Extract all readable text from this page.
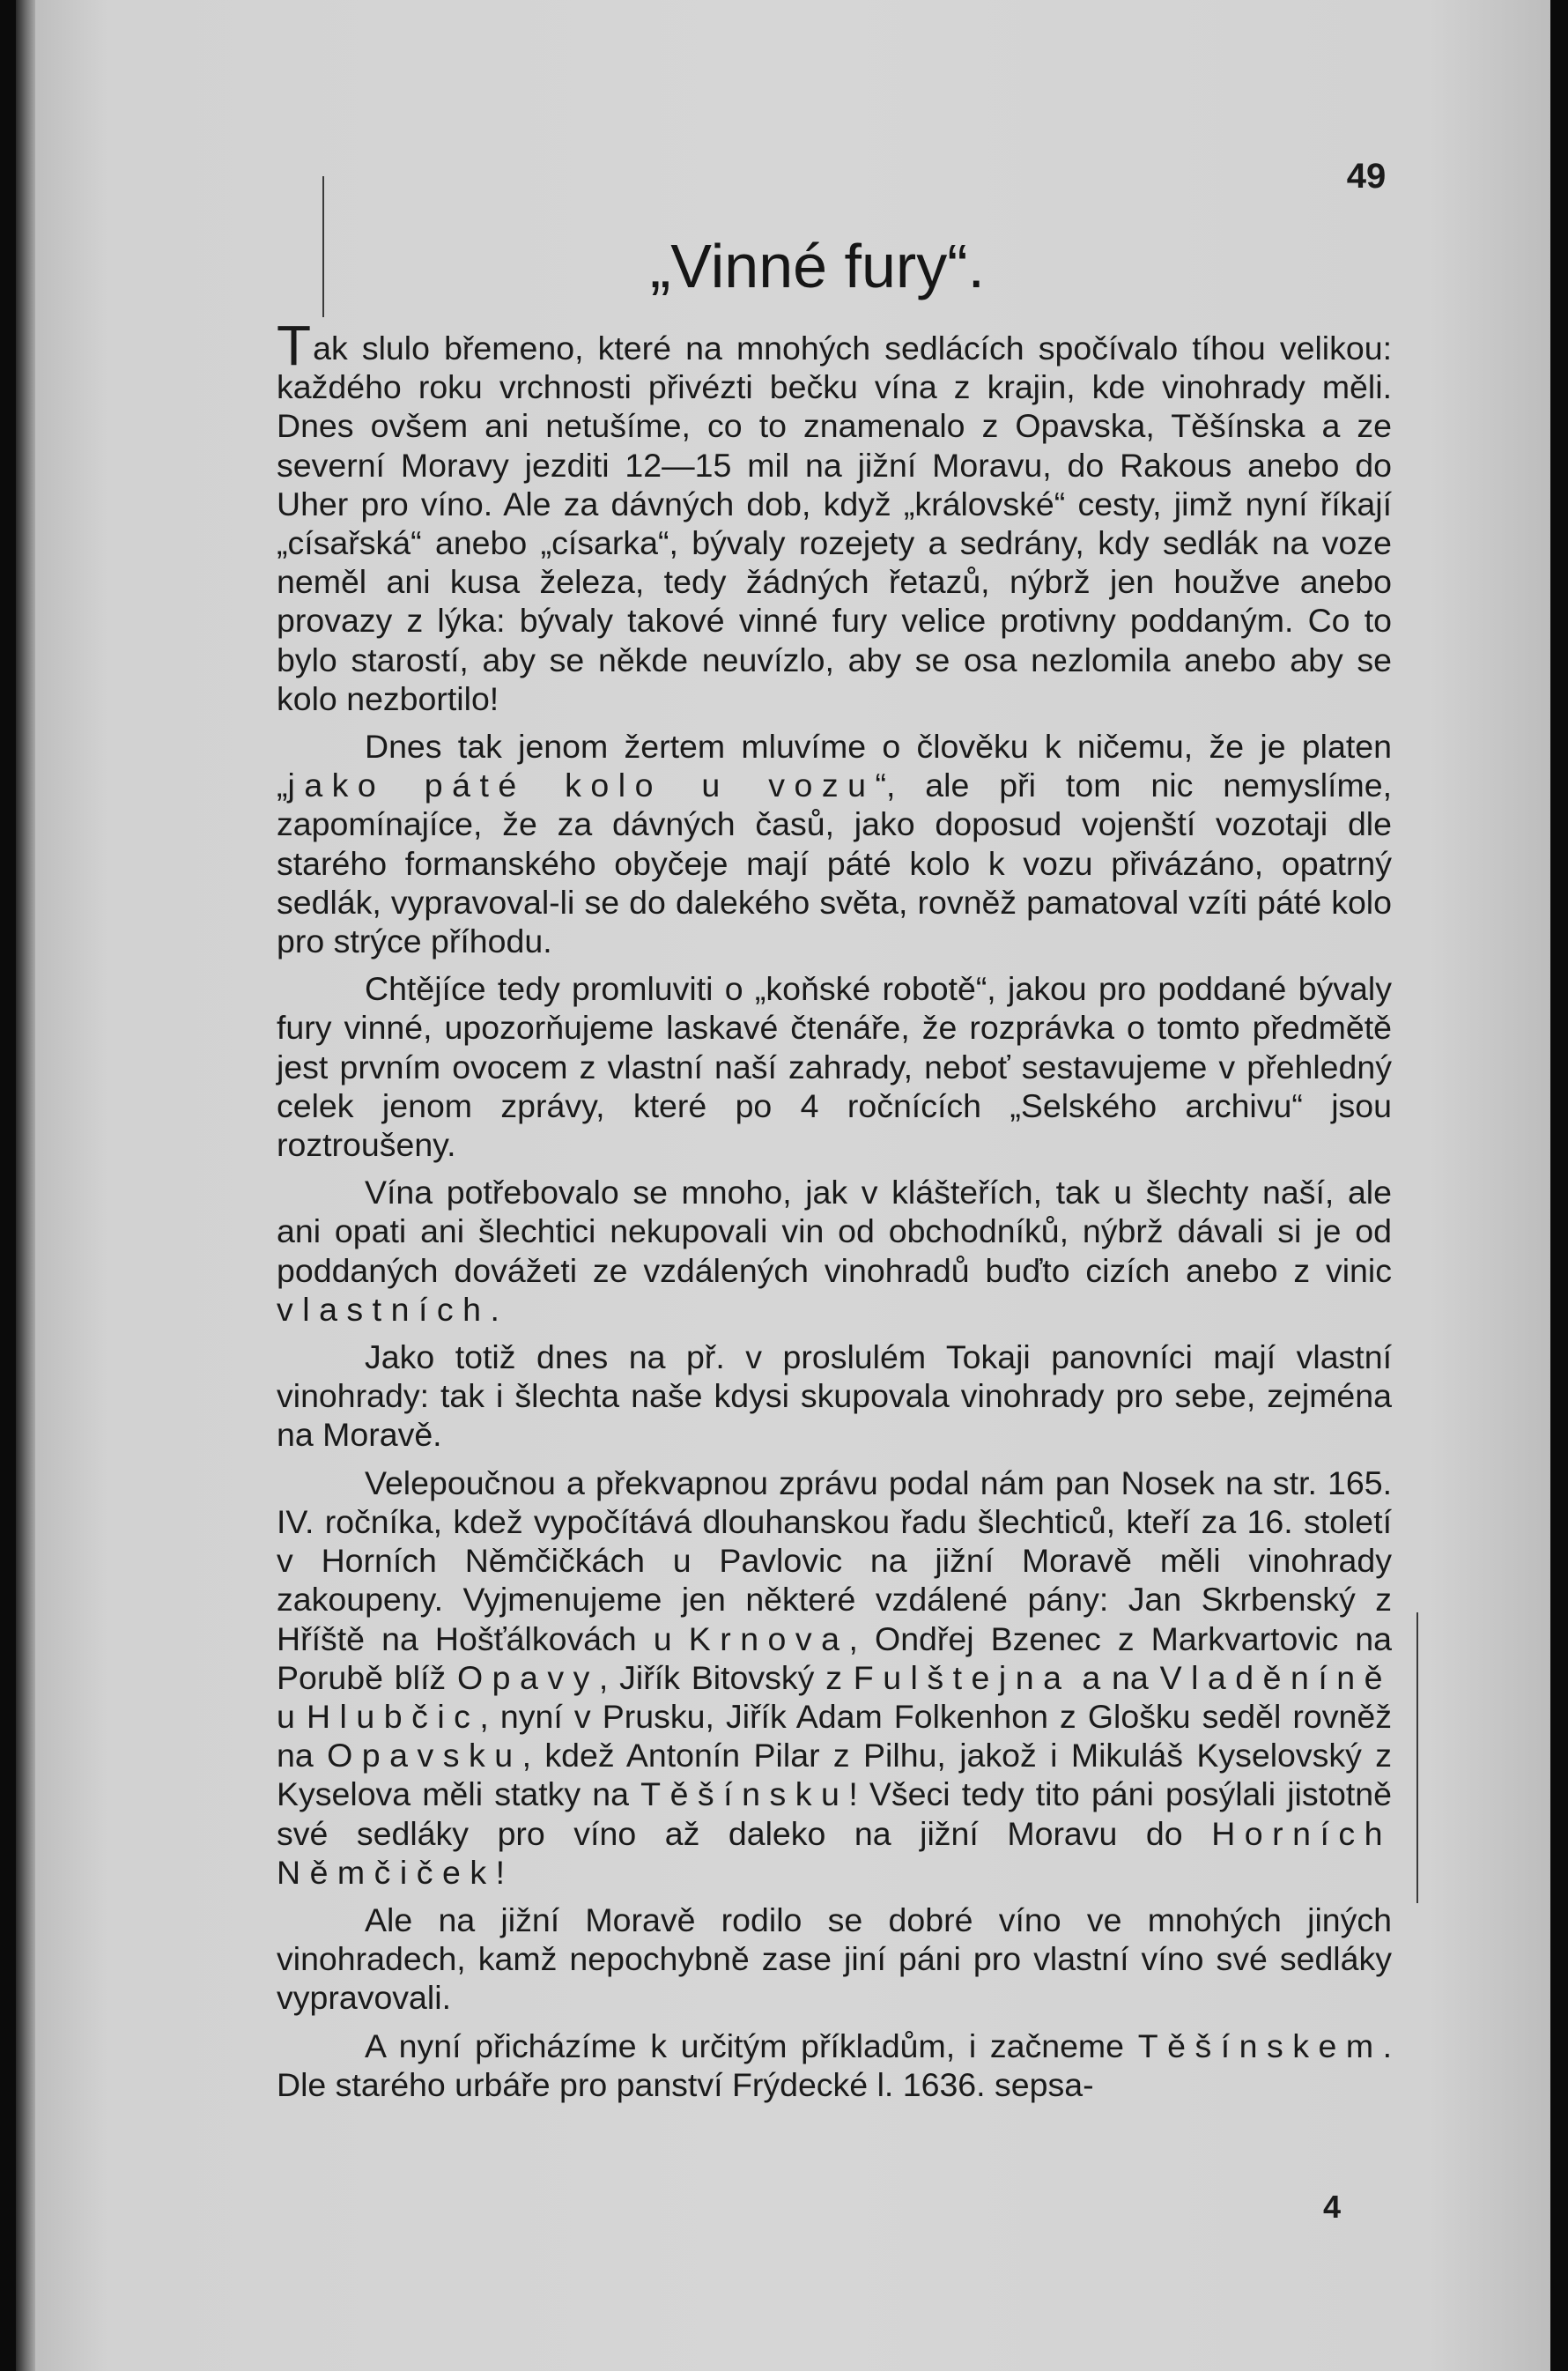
49
„Vinné fury“.

Tak slulo břemeno, které na mnohých sedlácích spočívalo tíhou velikou: každého roku vrchnosti přivézti bečku vína z krajin, kde vinohrady měli. Dnes ovšem ani netušíme, co to znamenalo z Opavska, Těšínska a ze severní Moravy jezditi 12—15 mil na jižní Moravu, do Rakous anebo do Uher pro víno. Ale za dávných dob, když „královské“ cesty, jimž nyní říkají „císařská“ anebo „císarka“, bývaly rozejety a sedrány, kdy sedlák na voze neměl ani kusa železa, tedy žádných řetazů, nýbrž jen houžve anebo provazy z lýka: bývaly takové vinné fury velice protivny poddaným. Co to bylo starostí, aby se někde neuvízlo, aby se osa nezlomila anebo aby se kolo nezbortilo!

Dnes tak jenom žertem mluvíme o člověku k ničemu, že je platen „jako páté kolo u vozu“, ale při tom nic nemyslíme, zapomínajíce, že za dávných časů, jako doposud vojenští vozotaji dle starého formanského obyčeje mají páté kolo k vozu přivázáno, opatrný sedlák, vypravoval-li se do dalekého světa, rovněž pamatoval vzíti páté kolo pro strýce příhodu.

Chtějíce tedy promluviti o „koňské robotě“, jakou pro poddané bývaly fury vinné, upozorňujeme laskavé čtenáře, že rozprávka o tomto předmětě jest prvním ovocem z vlastní naší zahrady, neboť sestavujeme v přehledný celek jenom zprávy, které po 4 ročnících „Selského archivu“ jsou roztroušeny.

Vína potřebovalo se mnoho, jak v klášteřích, tak u šlechty naší, ale ani opati ani šlechtici nekupovali vin od obchodníků, nýbrž dávali si je od poddaných dovážeti ze vzdálených vinohradů buďto cizích anebo z vinic vlastních.

Jako totiž dnes na př. v proslulém Tokaji panovníci mají vlastní vinohrady: tak i šlechta naše kdysi skupovala vinohrady pro sebe, zejména na Moravě.

Velepoučnou a překvapnou zprávu podal nám pan Nosek na str. 165. IV. ročníka, kdež vypočítává dlouhanskou řadu šlechticů, kteří za 16. století v Horních Němčičkách u Pavlovic na jižní Moravě měli vinohrady zakoupeny. Vyjmenujeme jen některé vzdálené pány: Jan Skrbenský z Hříště na Hošťálkovách u Krnova, Ondřej Bzenec z Markvartovic na Porubě blíž Opavy, Jiřík Bitovský z Fulštejna a na Vladěníně u Hlubčic, nyní v Prusku, Jiřík Adam Folkenhon z Glošku seděl rovněž na Opavsku, kdež Antonín Pilar z Pilhu, jakož i Mikuláš Kyselovský z Kyselova měli statky na Těšínsku! Všeci tedy tito páni posýlali jistotně své sedláky pro víno až daleko na jižní Moravu do Horních Němčiček!

Ale na jižní Moravě rodilo se dobré víno ve mnohých jiných vinohradech, kamž nepochybně zase jiní páni pro vlastní víno své sedláky vypravovali.

A nyní přicházíme k určitým příkladům, i začneme Těšínskem. Dle starého urbáře pro panství Frýdecké l. 1636. sepsa-

4
